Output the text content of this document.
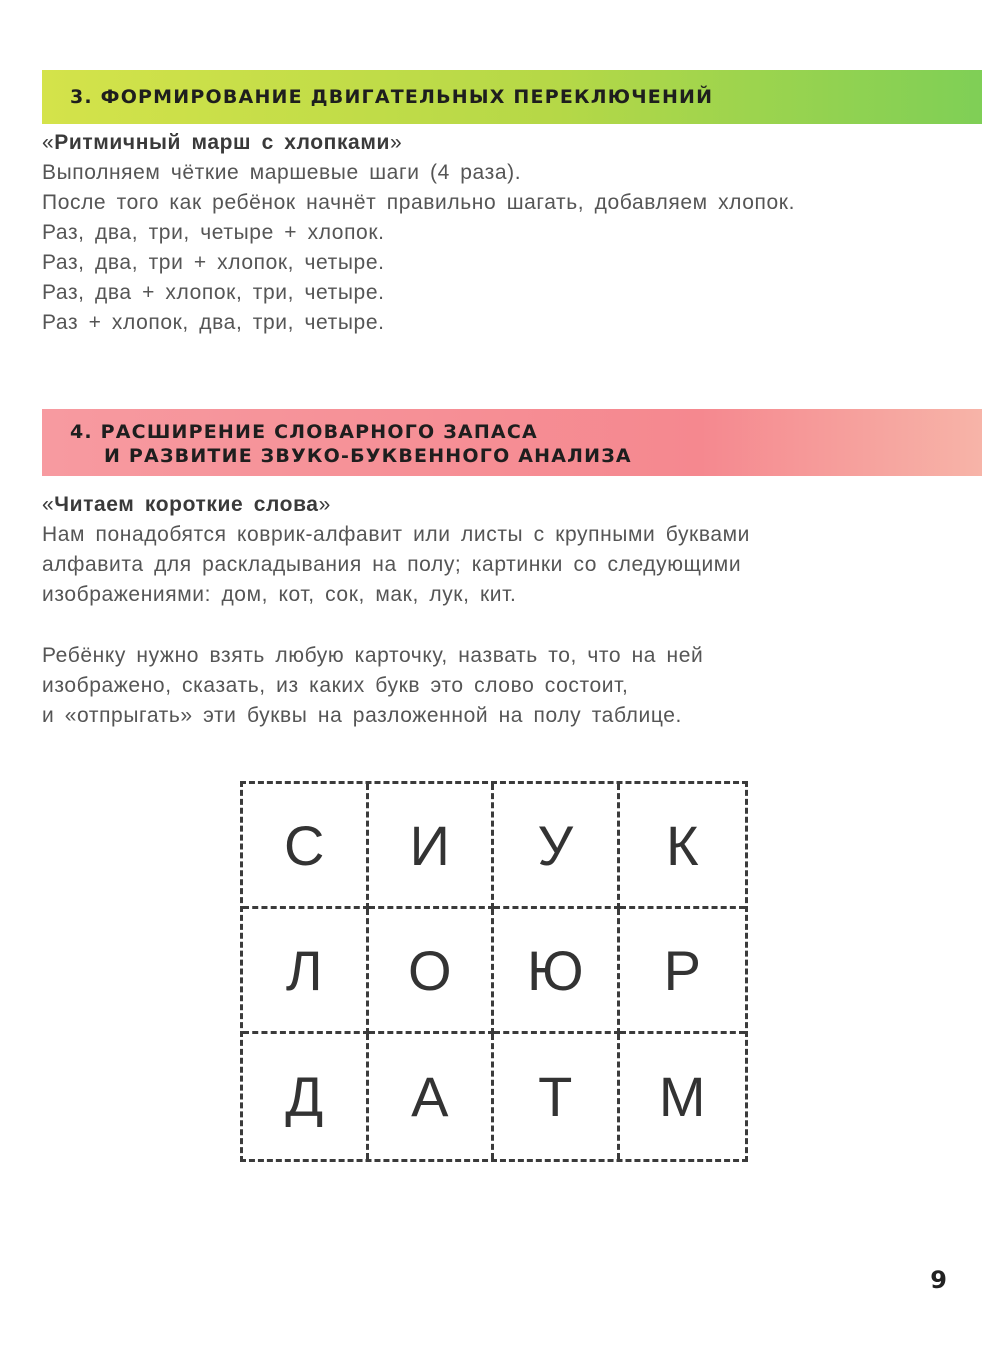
3. ФОРМИРОВАНИЕ ДВИГАТЕЛЬНЫХ ПЕРЕКЛЮЧЕНИЙ
«Ритмичный марш с хлопками»
Выполняем чёткие маршевые шаги (4 раза).
После того как ребёнок начнёт правильно шагать, добавляем хлопок.
Раз, два, три, четыре + хлопок.
Раз, два, три + хлопок, четыре.
Раз, два + хлопок, три, четыре.
Раз + хлопок, два, три, четыре.
4. РАСШИРЕНИЕ СЛОВАРНОГО ЗАПАСА
И РАЗВИТИЕ ЗВУКО-БУКВЕННОГО АНАЛИЗА
«Читаем короткие слова»
Нам понадобятся коврик-алфавит или листы с крупными буквами
алфавита для раскладывания на полу; картинки со следующими
изображениями: дом, кот, сок, мак, лук, кит.
Ребёнку нужно взять любую карточку, назвать то, что на ней
изображено, сказать, из каких букв это слово состоит,
и «отпрыгать» эти буквы на разложенной на полу таблице.
С	И	У	К
Л	О	Ю	Р
Д	А	Т	М
9
